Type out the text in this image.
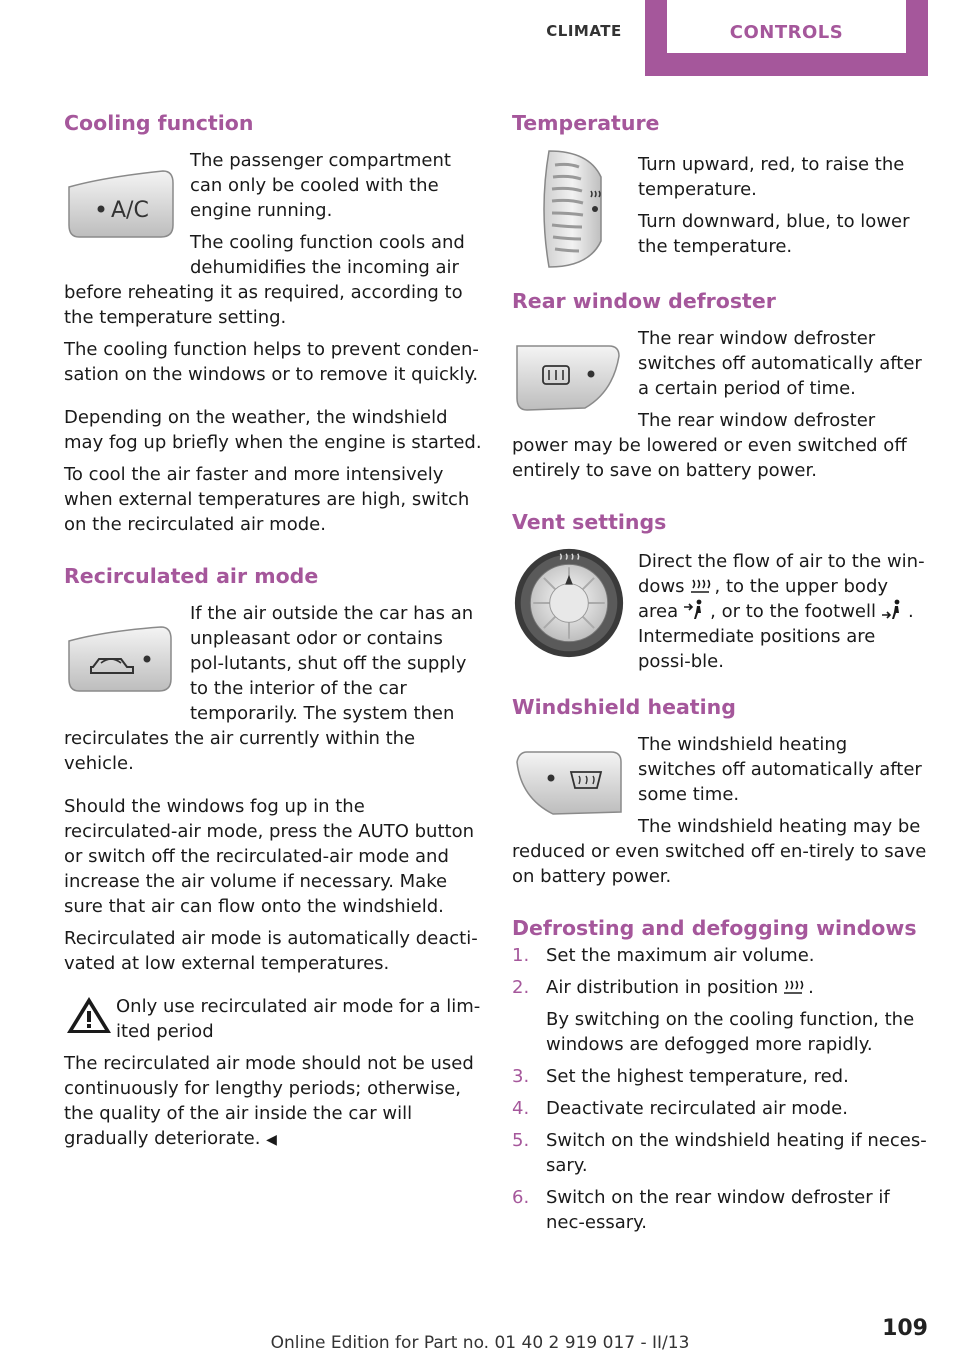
CLIMATE	CONTROLS
Cooling function
A/C

The passenger compartment can only be cooled with the engine running.

The cooling function cools and dehumidifies the incoming air before reheating it as required, according to the temperature setting.

The cooling function helps to prevent conden-sation on the windows or to remove it quickly.

Depending on the weather, the windshield may fog up briefly when the engine is started.

To cool the air faster and more intensively when external temperatures are high, switch on the recirculated air mode.

Recirculated air mode

If the air outside the car has an unpleasant odor or contains pol-lutants, shut off the supply to the interior of the car temporarily. The system then recirculates the air currently within the vehicle.

Should the windows fog up in the recirculated-air mode, press the AUTO button or switch off the recirculated-air mode and increase the air volume if necessary. Make sure that air can flow onto the windshield.

Recirculated air mode is automatically deacti-vated at low external temperatures.

Only use recirculated air mode for a lim-ited period

The recirculated air mode should not be used continuously for lengthy periods; otherwise, the quality of the air inside the car will gradually deteriorate. ◀

Temperature

Turn upward, red, to raise the temperature.

Turn downward, blue, to lower the temperature.

Rear window defroster

The rear window defroster switches off automatically after a certain period of time.

The rear window defroster power may be lowered or even switched off entirely to save on battery power.

Vent settings

Direct the flow of air to the win-dows , to the upper body area , or to the footwell . Intermediate positions are possi-ble.

Windshield heating

The windshield heating switches off automatically after some time.

The windshield heating may be reduced or even switched off en-tirely to save on battery power.

Defrosting and defogging windows
1. Set the maximum air volume.
2. Air distribution in position .
By switching on the cooling function, the windows are defogged more rapidly.
3. Set the highest temperature, red.
4. Deactivate recirculated air mode.
5. Switch on the windshield heating if neces-sary.
6. Switch on the rear window defroster if nec-essary.
109
Online Edition for Part no. 01 40 2 919 017 - II/13
